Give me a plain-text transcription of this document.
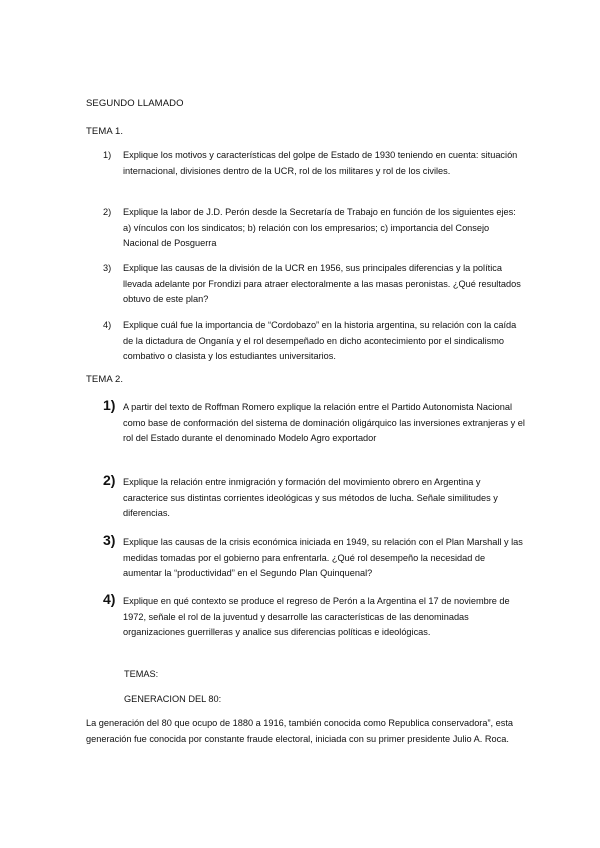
SEGUNDO LLAMADO
TEMA 1.
1) Explique los motivos y características del golpe de Estado de 1930 teniendo en cuenta: situación internacional, divisiones dentro de la UCR, rol de los militares y rol de los civiles.
2) Explique la labor de J.D. Perón desde la Secretaría de Trabajo en función de los siguientes ejes: a) vínculos con los sindicatos; b) relación con los empresarios; c) importancia del Consejo Nacional de Posguerra
3) Explique las causas de la división de la UCR en 1956, sus principales diferencias y la política llevada adelante por Frondizi para atraer electoralmente a las masas peronistas. ¿Qué resultados obtuvo de este plan?
4) Explique cuál fue la importancia de “Cordobazo” en la historia argentina, su relación con la caída de la dictadura de Onganía y el rol desempeñado en dicho acontecimiento por el sindicalismo combativo o clasista y los estudiantes universitarios.
TEMA 2.
1) A partir del texto de Roffman Romero explique la relación entre el Partido Autonomista Nacional como base de conformación del sistema de dominación oligárquico las inversiones extranjeras y el rol del Estado durante el denominado Modelo Agro exportador
2) Explique la relación entre inmigración y formación del movimiento obrero en Argentina y caracterice sus distintas corrientes ideológicas y sus métodos de lucha. Señale similitudes y diferencias.
3) Explique las causas de la crisis económica iniciada en 1949, su relación con el Plan Marshall y las medidas tomadas por el gobierno para enfrentarla. ¿Qué rol desempeño la necesidad de aumentar la “productividad” en el Segundo Plan Quinquenal?
4) Explique en qué contexto se produce el regreso de Perón a la Argentina el 17 de noviembre de 1972, señale el rol de la juventud y desarrolle las características de las denominadas organizaciones guerrilleras y analice sus diferencias políticas e ideológicas.
TEMAS:
GENERACION DEL 80:
La generación del 80 que ocupo de 1880 a 1916, también conocida como Republica conservadora”, esta generación fue conocida por constante fraude electoral, iniciada con su primer presidente Julio A. Roca.
